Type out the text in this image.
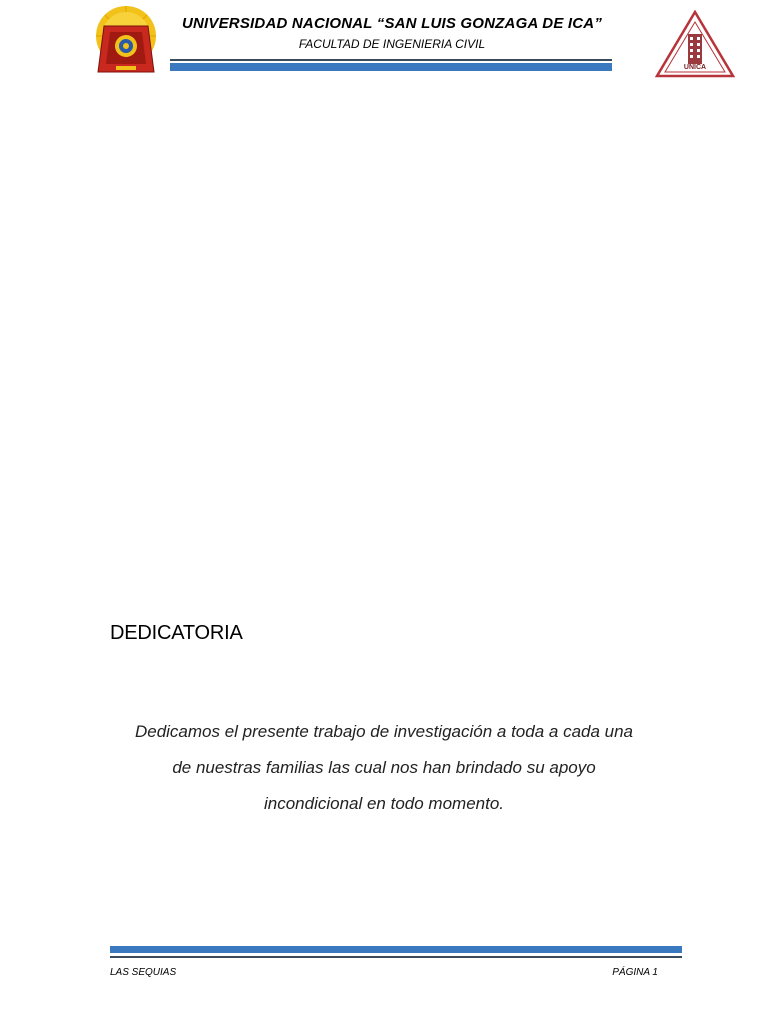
UNIVERSIDAD NACIONAL “SAN LUIS GONZAGA DE ICA”
FACULTAD DE INGENIERIA CIVIL
UNICA
DEDICATORIA
Dedicamos el presente trabajo de investigación a toda a cada una
de nuestras familias las cual nos han brindado su apoyo
incondicional en todo momento.
LAS SEQUIAS	PÁGINA 1
